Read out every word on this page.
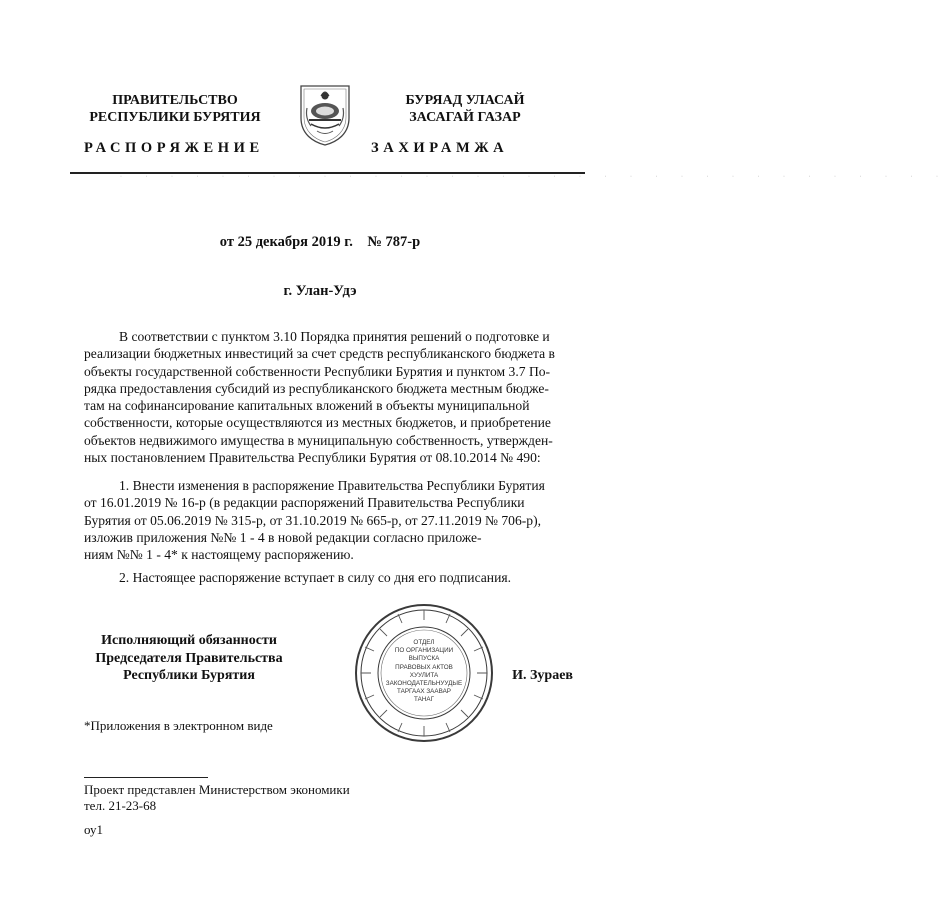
ПРАВИТЕЛЬСТВО
РЕСПУБЛИКИ БУРЯТИЯ
РАСПОРЯЖЕНИЕ
БУРЯАД УЛАСАЙ
ЗАСАГАЙ ГАЗАР
ЗАХИРАМЖА
· · · · · · · · · · · · · · · · · · · · · · · · · · · · · · · · ·
от 25 декабря 2019 г. № 787-р
г. Улан-Удэ

В соответствии с пунктом 3.10 Порядка принятия решений о подготовке и

реализации бюджетных инвестиций за счет средств республиканского бюджета в

объекты государственной собственности Республики Бурятия и пунктом 3.7 По-

рядка предоставления субсидий из республиканского бюджета местным бюдже-

там на софинансирование капитальных вложений в объекты муниципальной

собственности, которые осуществляются из местных бюджетов, и приобретение

объектов недвижимого имущества в муниципальную собственность, утвержден-

ных постановлением Правительства Республики Бурятия от 08.10.2014 № 490:

1. Внести изменения в распоряжение Правительства Республики Бурятия

от 16.01.2019 № 16-р (в редакции распоряжений Правительства Республики

Бурятия от 05.06.2019 № 315-р, от 31.10.2019 № 665-р, от 27.11.2019 № 706-р),

изложив приложения №№ 1 - 4 в новой редакции согласно приложе-

ниям №№ 1 - 4* к настоящему распоряжению.

2. Настоящее распоряжение вступает в силу со дня его подписания.

Исполняющий обязанности
Председателя Правительства
Республики Бурятия
ОТДЕЛ
ПО ОРГАНИЗАЦИИ
ВЫПУСКА
ПРАВОВЫХ АКТОВ
ХУУЛИТА
ЗАКОНОДАТЕЛЬНУУДЫЕ
ТАРГААХ ЗААВАР
ТАНАГ
И. Зураев
*Приложения в электронном виде
Проект представлен Министерством экономики
тел. 21-23-68
оу1
